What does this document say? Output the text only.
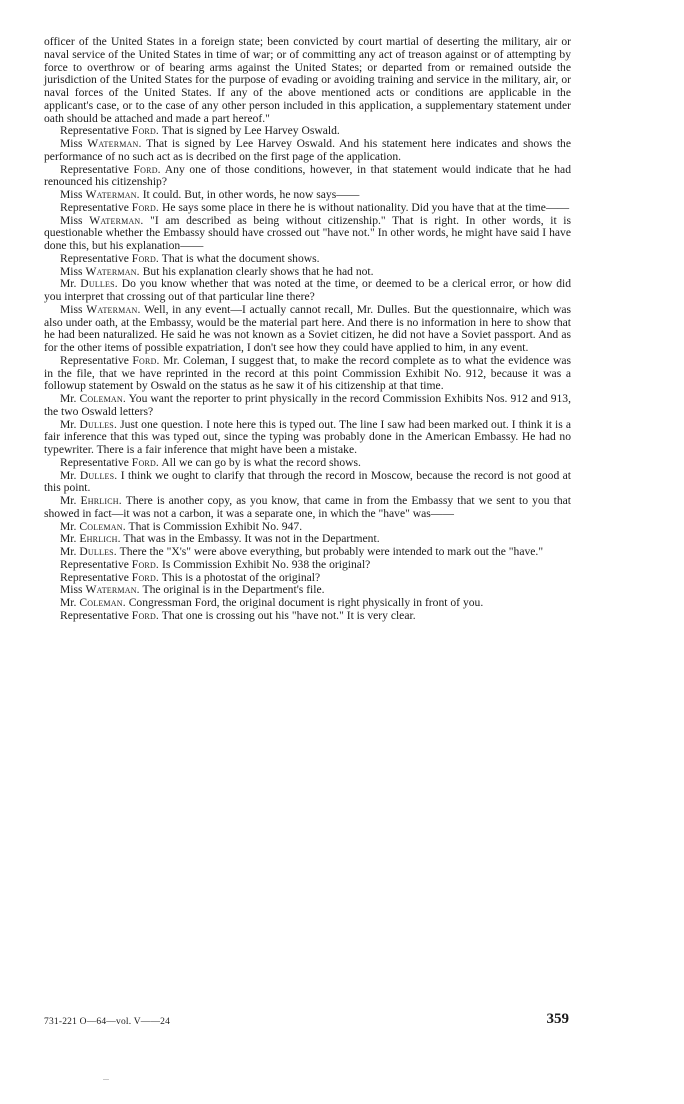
officer of the United States in a foreign state; been convicted by court martial of deserting the military, air or naval service of the United States in time of war; or of committing any act of treason against or of attempting by force to overthrow or of bearing arms against the United States; or departed from or remained outside the jurisdiction of the United States for the purpose of evading or avoiding training and service in the military, air, or naval forces of the United States. If any of the above mentioned acts or conditions are applicable in the applicant's case, or to the case of any other person included in this application, a supplementary statement under oath should be attached and made a part hereof."

Representative Ford. That is signed by Lee Harvey Oswald.

Miss Waterman. That is signed by Lee Harvey Oswald. And his statement here indicates and shows the performance of no such act as is decribed on the first page of the application.

Representative Ford. Any one of those conditions, however, in that statement would indicate that he had renounced his citizenship?

Miss Waterman. It could. But, in other words, he now says——

Representative Ford. He says some place in there he is without nationality. Did you have that at the time——

Miss Waterman. "I am described as being without citizenship." That is right. In other words, it is questionable whether the Embassy should have crossed out "have not." In other words, he might have said I have done this, but his explanation——

Representative Ford. That is what the document shows.

Miss Waterman. But his explanation clearly shows that he had not.

Mr. Dulles. Do you know whether that was noted at the time, or deemed to be a clerical error, or how did you interpret that crossing out of that particular line there?

Miss Waterman. Well, in any event—I actually cannot recall, Mr. Dulles. But the questionnaire, which was also under oath, at the Embassy, would be the material part here. And there is no information in here to show that he had been naturalized. He said he was not known as a Soviet citizen, he did not have a Soviet passport. And as for the other items of possible expatriation, I don't see how they could have applied to him, in any event.

Representative Ford. Mr. Coleman, I suggest that, to make the record complete as to what the evidence was in the file, that we have reprinted in the record at this point Commission Exhibit No. 912, because it was a followup statement by Oswald on the status as he saw it of his citizenship at that time.

Mr. Coleman. You want the reporter to print physically in the record Commission Exhibits Nos. 912 and 913, the two Oswald letters?

Mr. Dulles. Just one question. I note here this is typed out. The line I saw had been marked out. I think it is a fair inference that this was typed out, since the typing was probably done in the American Embassy. He had no typewriter. There is a fair inference that might have been a mistake.

Representative Ford. All we can go by is what the record shows.

Mr. Dulles. I think we ought to clarify that through the record in Moscow, because the record is not good at this point.

Mr. Ehrlich. There is another copy, as you know, that came in from the Embassy that we sent to you that showed in fact—it was not a carbon, it was a separate one, in which the "have" was——

Mr. Coleman. That is Commission Exhibit No. 947.

Mr. Ehrlich. That was in the Embassy. It was not in the Department.

Mr. Dulles. There the "X's" were above everything, but probably were intended to mark out the "have."

Representative Ford. Is Commission Exhibit No. 938 the original?

Representative Ford. This is a photostat of the original?

Miss Waterman. The original is in the Department's file.

Mr. Coleman. Congressman Ford, the original document is right physically in front of you.

Representative Ford. That one is crossing out his "have not." It is very clear.

731-221 O—64—vol. V——24	359
